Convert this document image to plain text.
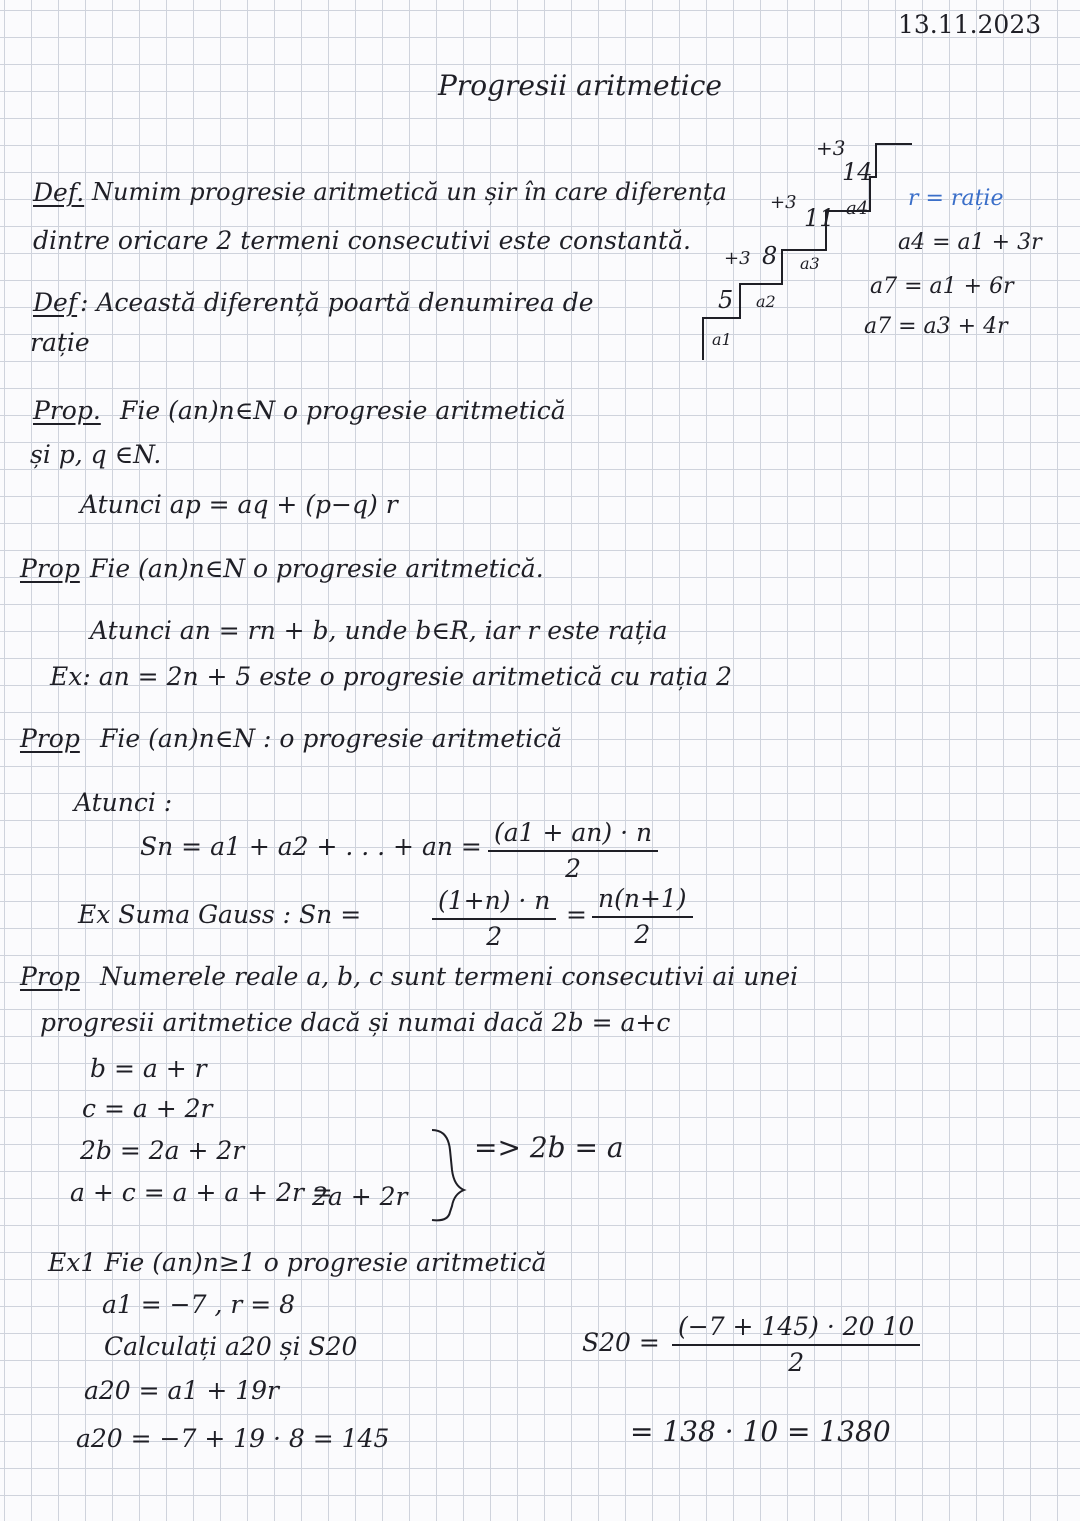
13.11.2023
Progresii aritmetice
Def. Numim progresie aritmetică un șir în care diferența
dintre oricare 2 termeni consecutivi este constantă.
Def : Această diferență poartă denumirea de
rație
5
8
11
14
+3
+3
+3
a1
a2
a3
a4 r = rație
a4 = a1 + 3r
a7 = a1 + 6r
a7 = a3 + 4r
Prop. Fie (an)n∈N o progresie aritmetică
și p, q ∈N.
Atunci ap = aq + (p−q) r
Prop Fie (an)n∈N o progresie aritmetică.
Atunci an = rn + b, unde b∈R, iar r este rația
Ex: an = 2n + 5 este o progresie aritmetică cu rația 2
Prop Fie (an)n∈N : o progresie aritmetică
Atunci :
Sn = a1 + a2 + . . . + an = $\frac{(a1 + an) \cdot n}{2}$
Ex Suma Gauss : Sn =	$\frac{(1+n) \cdot n}{2} = \frac{n(n+1)}{2}$
Prop Numerele reale a, b, c sunt termeni consecutivi ai unei
progresii aritmetice dacă și numai dacă 2b = a+c
b = a + r
c = a + 2r
2b = 2a + 2r
a + c = a + a + 2r =
2a + 2r
=> 2b = a
Ex1 Fie (an)n≥1 o progresie aritmetică
a1 = −7 , r = 8
Calculați a20 și S20
a20 = a1 + 19r
a20 = −7 + 19 · 8 = 145
$S20 = \frac{(-7 + 145) \cdot 20 10}{2}$
= 138 · 10 = 1380
